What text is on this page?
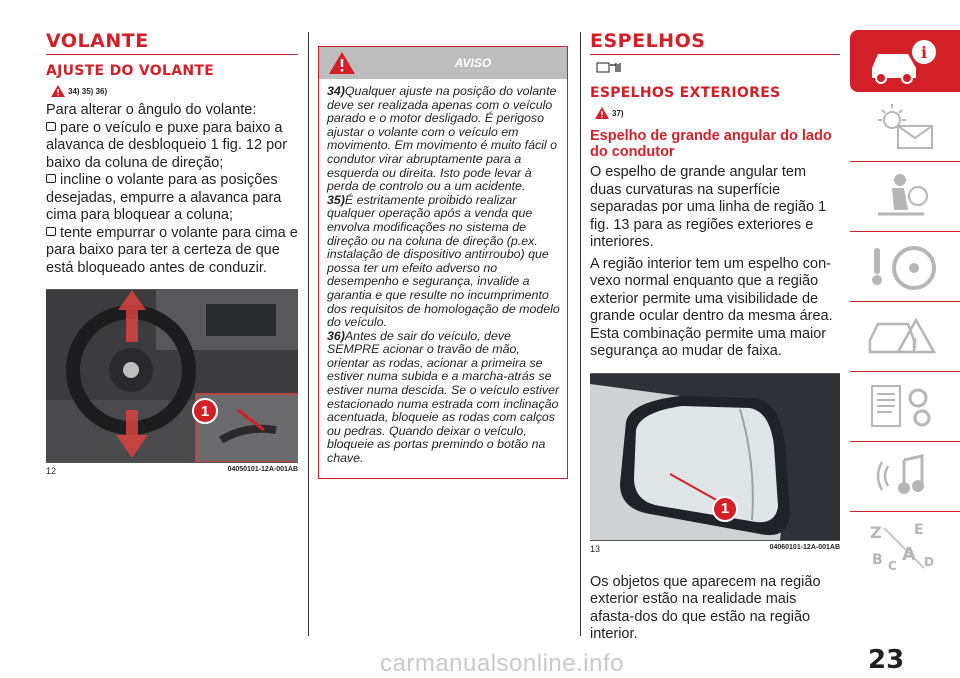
VOLANTE
AJUSTE DO VOLANTE
34) 35) 36)
Para alterar o ângulo do volante:
pare o veículo e puxe para baixo a alavanca de desbloqueio 1 fig. 12 por baixo da coluna de direção;
incline o volante para as posições desejadas, empurre a alavanca para cima para bloquear a coluna;
tente empurrar o volante para cima e para baixo para ter a certeza de que está bloqueado antes de conduzir.
1
12	04050101-12A-001AB
AVISO
34)Qualquer ajuste na posição do volante deve ser realizada apenas com o veículo parado e o motor desligado. É perigoso ajustar o volante com o veículo em movimento. Em movimento é muito fácil o condutor virar abruptamente para a esquerda ou direita. Isto pode levar à perda de controlo ou a um acidente.
35)É estritamente proibido realizar qualquer operação após a venda que envolva modificações no sistema de direção ou na coluna de direção (p.ex. instalação de dispositivo antirroubo) que possa ter um efeito adverso no desempenho e segurança, invalide a garantia e que resulte no incumprimento dos requisitos de homologação de modelo do veículo.
36)Antes de sair do veículo, deve SEMPRE acionar o travão de mão, orientar as rodas, acionar a primeira se estiver numa subida e a marcha-atrás se estiver numa descida. Se o veículo estiver estacionado numa estrada com inclinação acentuada, bloqueie as rodas com calços ou pedras. Quando deixar o veículo, bloqueie as portas premindo o botão na chave.
ESPELHOS
ESPELHOS EXTERIORES
37)
Espelho de grande angular do lado do condutor
O espelho de grande angular tem duas curvaturas na superfície separadas por uma linha de região 1 fig. 13 para as regiões exteriores e interiores.
A região interior tem um espelho con-vexo normal enquanto que a região exterior permite uma visibilidade de grande ocular dentro da mesma área. Esta combinação permite uma maior segurança ao mudar de faixa.
1
13	04060101-12A-001AB
Os objetos que aparecem na região exterior estão na realidade mais afasta-dos do que estão na região interior.
i
!
Z E
B A
C D
23
carmanualsonline.info
